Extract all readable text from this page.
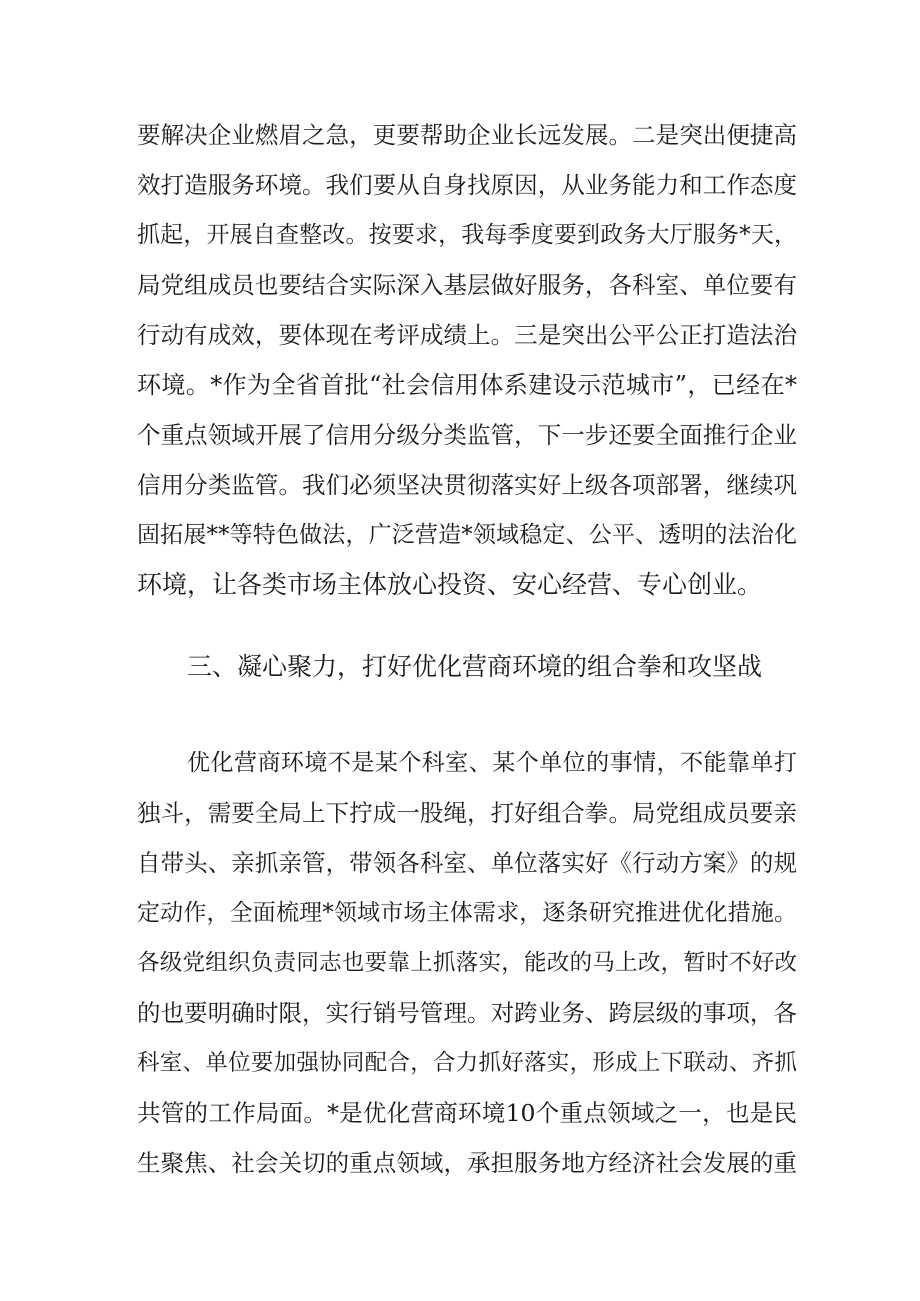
要解决企业燃眉之急，更要帮助企业长远发展。二是突出便捷高
效打造服务环境。我们要从自身找原因，从业务能力和工作态度
抓起，开展自查整改。按要求，我每季度要到政务大厅服务*天，
局党组成员也要结合实际深入基层做好服务，各科室、单位要有
行动有成效，要体现在考评成绩上。三是突出公平公正打造法治
环境。*作为全省首批“社会信用体系建设示范城市”，已经在*
个重点领域开展了信用分级分类监管，下一步还要全面推行企业
信用分类监管。我们必须坚决贯彻落实好上级各项部署，继续巩
固拓展**等特色做法，广泛营造*领域稳定、公平、透明的法治化
环境，让各类市场主体放心投资、安心经营、专心创业。
三、凝心聚力，打好优化营商环境的组合拳和攻坚战
优化营商环境不是某个科室、某个单位的事情，不能靠单打
独斗，需要全局上下拧成一股绳，打好组合拳。局党组成员要亲
自带头、亲抓亲管，带领各科室、单位落实好《行动方案》的规
定动作，全面梳理*领域市场主体需求，逐条研究推进优化措施。
各级党组织负责同志也要靠上抓落实，能改的马上改，暂时不好改
的也要明确时限，实行销号管理。对跨业务、跨层级的事项，各
科室、单位要加强协同配合，合力抓好落实，形成上下联动、齐抓
共管的工作局面。*是优化营商环境10个重点领域之一，也是民
生聚焦、社会关切的重点领域，承担服务地方经济社会发展的重
